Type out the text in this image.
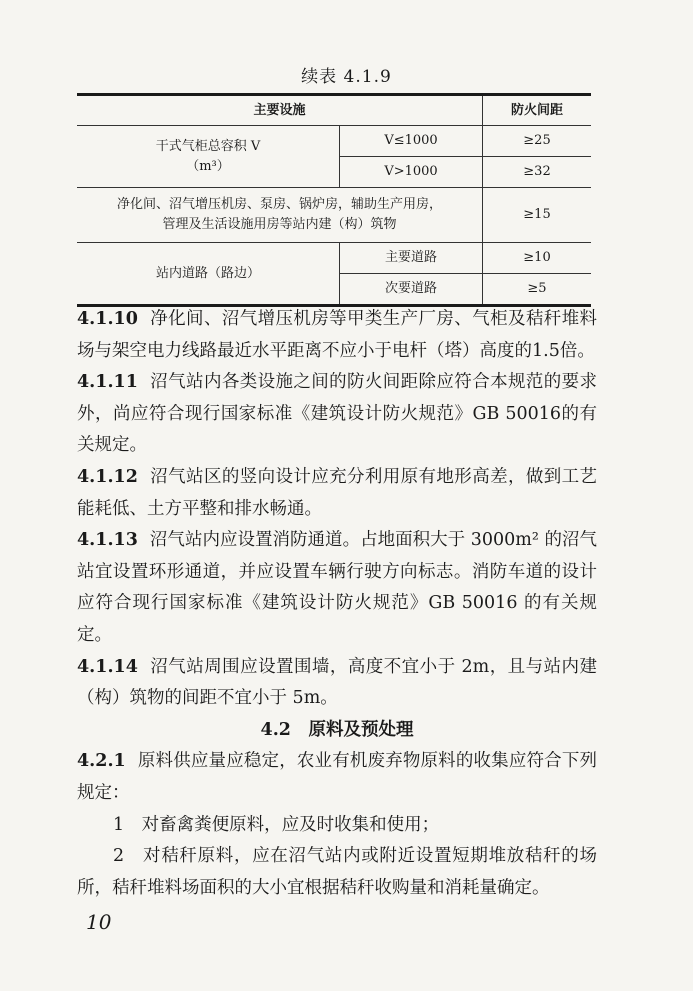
续表 4.1.9
主要设施		防火间距

干式气柜总容积 V
（m³）	V≤1000	≥25
	V>1000	≥32

净化间、沼气增压机房、泵房、锅炉房，辅助生产用房，
管理及生活设施用房等站内建（构）筑物		≥15
站内道路（路边）	主要道路	≥10
	次要道路	≥5

4.1.10 净化间、沼气增压机房等甲类生产厂房、气柜及秸秆堆料场与架空电力线路最近水平距离不应小于电杆（塔）高度的1.5倍。

4.1.11 沼气站内各类设施之间的防火间距除应符合本规范的要求外，尚应符合现行国家标准《建筑设计防火规范》GB 50016的有关规定。

4.1.12 沼气站区的竖向设计应充分利用原有地形高差，做到工艺能耗低、土方平整和排水畅通。

4.1.13 沼气站内应设置消防通道。占地面积大于 3000m² 的沼气站宜设置环形通道，并应设置车辆行驶方向标志。消防车道的设计应符合现行国家标准《建筑设计防火规范》GB 50016 的有关规定。

4.1.14 沼气站周围应设置围墙，高度不宜小于 2m，且与站内建（构）筑物的间距不宜小于 5m。

4.2　原料及预处理

4.2.1 原料供应量应稳定，农业有机废弃物原料的收集应符合下列规定：

1　对畜禽粪便原料，应及时收集和使用；

2　对秸秆原料，应在沼气站内或附近设置短期堆放秸秆的场所，秸秆堆料场面积的大小宜根据秸秆收购量和消耗量确定。

10
